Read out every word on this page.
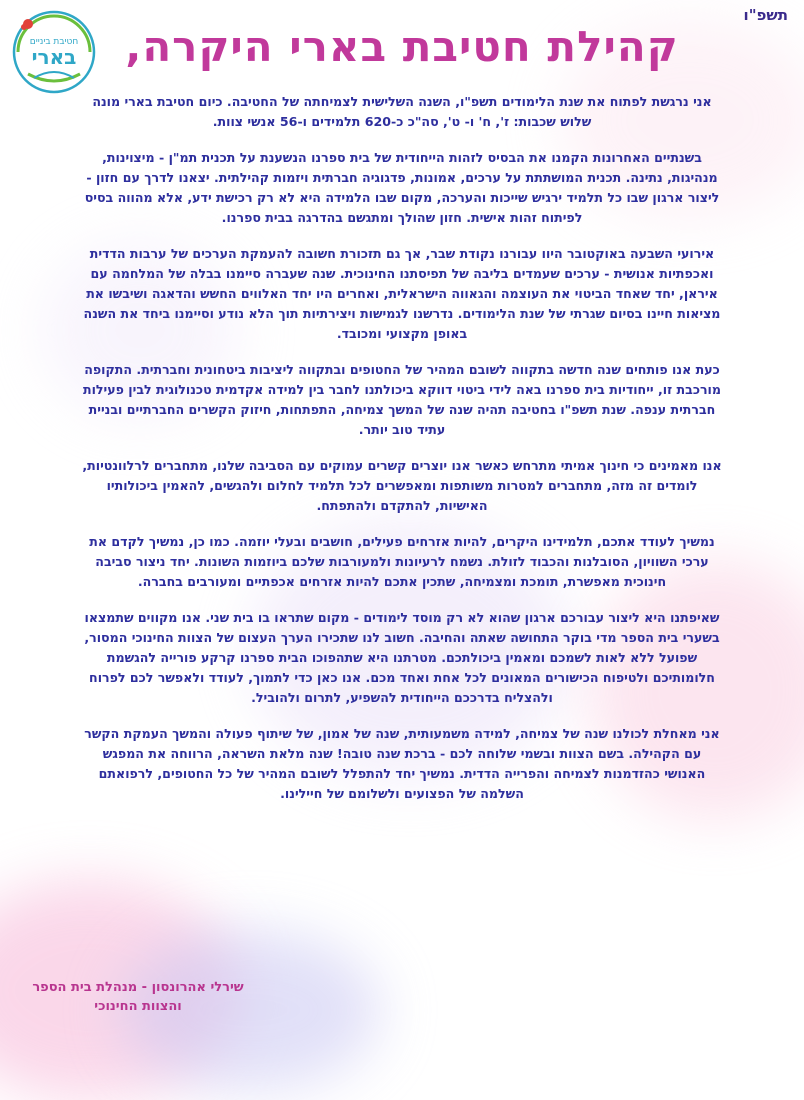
תשפ"ו
חטיבת ביניים
בארי	קהילת חטיבת בארי היקרה,

אני נרגשת לפתוח את שנת הלימודים תשפ"ו, השנה השלישית לצמיחתה של החטיבה. כיום חטיבת בארי מונה שלוש שכבות: ז', ח' ו- ט', סה"כ כ-620 תלמידים ו-56 אנשי צוות.

בשנתיים האחרונות הקמנו את הבסיס לזהות הייחודית של בית ספרנו הנשענת על תכנית תמ"ן - מיצוינות, מנהיגות, נתינה. תכנית המושתתת על ערכים, אמונות, פדגוגיה חברתית ויזמות קהילתית. יצאנו לדרך עם חזון - ליצור ארגון שבו כל תלמיד ירגיש שייכות והערכה, מקום שבו הלמידה היא לא רק רכישת ידע, אלא מהווה בסיס לפיתוח זהות אישית. חזון שהולך ומתגשם בהדרגה בבית ספרנו.

אירועי השבעה באוקטובר היוו עבורנו נקודת שבר, אך גם תזכורת חשובה להעמקת הערכים של ערבות הדדית ואכפתיות אנושית - ערכים שעמדים בליבה של תפיסתנו החינוכית. שנה שעברה סיימנו בבלה של המלחמה עם איראן, יחד שאחד הביטוי את העוצמה והגאווה הישראלית, ואחרים היו יחד האלווים החשש והדאגה ושיבשו את מציאות חיינו בסיום שגרתי של שנת הלימודים. נדרשנו לגמישות ויצירתיות תוך הלא נודע וסיימנו ביחד את השנה באופן מקצועי ומכובד.

כעת אנו פותחים שנה חדשה בתקווה לשובם המהיר של החטופים ובתקווה ליציבות ביטחונית וחברתית. התקופה מורכבת זו, ייחודיות בית ספרנו באה לידי ביטוי דווקא ביכולתנו לחבר בין למידה אקדמית טכנולוגית לבין פעילות חברתית ענפה. שנת תשפ"ו בחטיבה תהיה שנה של המשך צמיחה, התפתחות, חיזוק הקשרים החברתיים ובניית עתיד טוב יותר.

אנו מאמינים כי חינוך אמיתי מתרחש כאשר אנו יוצרים קשרים עמוקים עם הסביבה שלנו, מתחברים לרלוונטיות, לומדים זה מזה, מתחברים למטרות משותפות ומאפשרים לכל תלמיד לחלום ולהגשים, להאמין ביכולותיו האישיות, להתקדם ולהתפתח.

נמשיך לעודד אתכם, תלמידינו היקרים, להיות אזרחים פעילים, חושבים ובעלי יוזמה. כמו כן, נמשיך לקדם את ערכי השוויון, הסובלנות והכבוד לזולת. נשמח לרעיונות ולמעורבות שלכם ביוזמות השונות. יחד ניצור סביבה חינוכית מאפשרת, תומכת ומצמיחה, שתכין אתכם להיות אזרחים אכפתיים ומעורבים בחברה.

שאיפתנו היא ליצור עבורכם ארגון שהוא לא רק מוסד לימודים - מקום שתראו בו בית שני. אנו מקווים שתמצאו בשערי בית הספר מדי בוקר התחושה שאתה והחיבה. חשוב לנו שתכירו הערך העצום של הצוות החינוכי המסור, שפועל ללא לאות לשמכם ומאמין ביכולתכם. מטרתנו היא שתהפוכו הבית ספרנו קרקע פורייה להגשמת חלומותיכם ולטיפוח הכישורים המאונים לכל אחת ואחד מכם. אנו כאן כדי לתמוך, לעודד ולאפשר לכם לפרוח ולהצליח בדרככם הייחודית להשפיע, לתרום ולהוביל.

אני מאחלת לכולנו שנה של צמיחה, למידה משמעותית, שנה של אמון, של שיתוף פעולה והמשך העמקת הקשר עם הקהילה. בשם הצוות ובשמי שלוחה לכם - ברכת שנה טובה! שנה מלאת השראה, הרווחה את המפגש האנושי כהזדמנות לצמיחה והפרייה הדדית. נמשיך יחד להתפלל לשובם המהיר של כל החטופים, לרפואתם השלמה של הפצועים ולשלומם של חיילינו.

שירלי אהרונסון - מנהלת בית הספר
והצוות החינוכי
